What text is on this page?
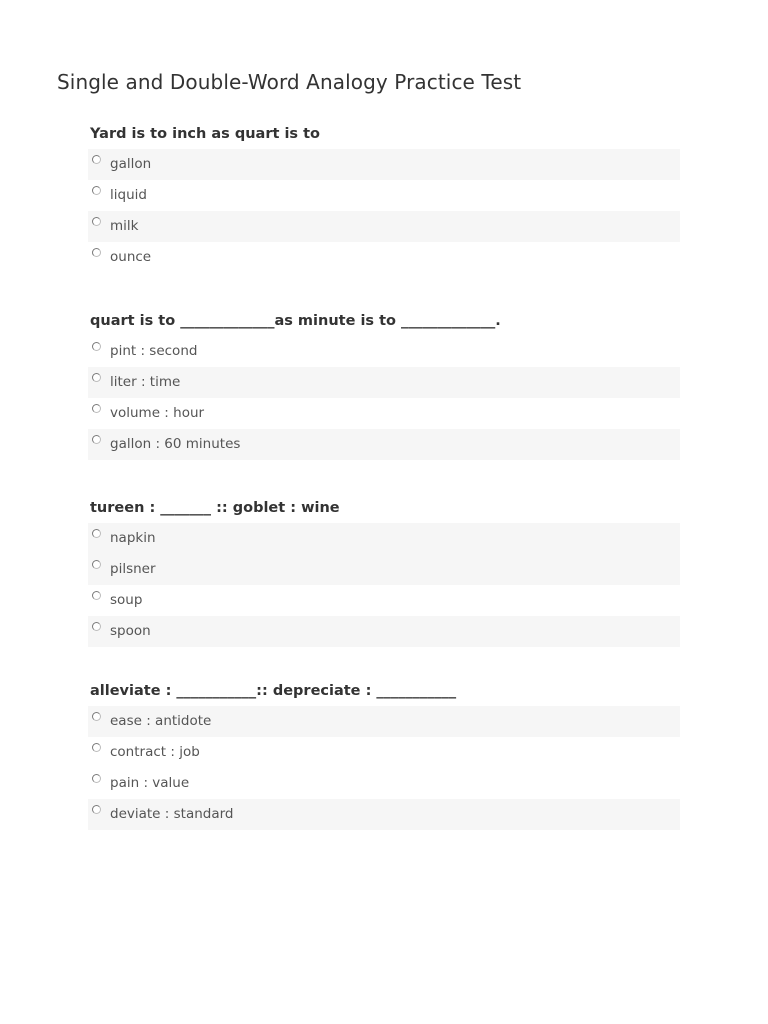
Single and Double-Word Analogy Practice Test

Yard is to inch as quart is to

gallon
liquid
milk
ounce

quart is to _____________as minute is to _____________.

pint : second
liter : time
volume : hour
gallon : 60 minutes

tureen : _______ :: goblet : wine

napkin
pilsner
soup
spoon

alleviate : ___________:: depreciate : ___________

ease : antidote
contract : job
pain : value
deviate : standard
